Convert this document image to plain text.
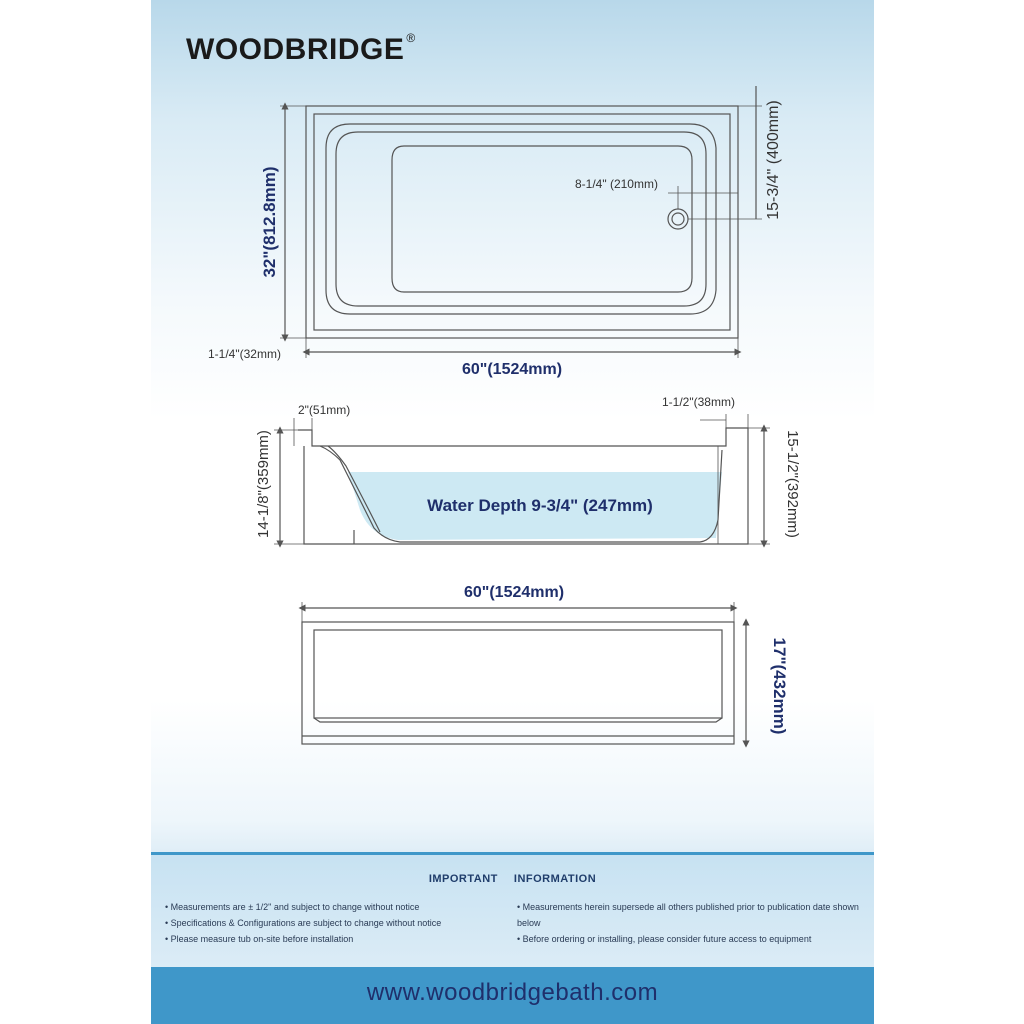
WOODBRIDGE ®
8-1/4" (210mm)
32"(812.8mm)
60"(1524mm)
1-1/4"(32mm)
15-3/4" (400mm)
2"(51mm)
1-1/2"(38mm)
Water Depth 9-3/4" (247mm)
14-1/8"(359mm)	15-1/2"(392mm)
60"(1524mm)
17"(432mm)
IMPORTANT INFORMATION
• Measurements are ± 1/2" and subject to change without notice
• Specifications & Configurations are subject to change without notice
• Please measure tub on-site before installation
• Measurements herein supersede all others published prior to publication date shown below
• Before ordering or installing, please consider future access to equipment
www.woodbridgebath.com
